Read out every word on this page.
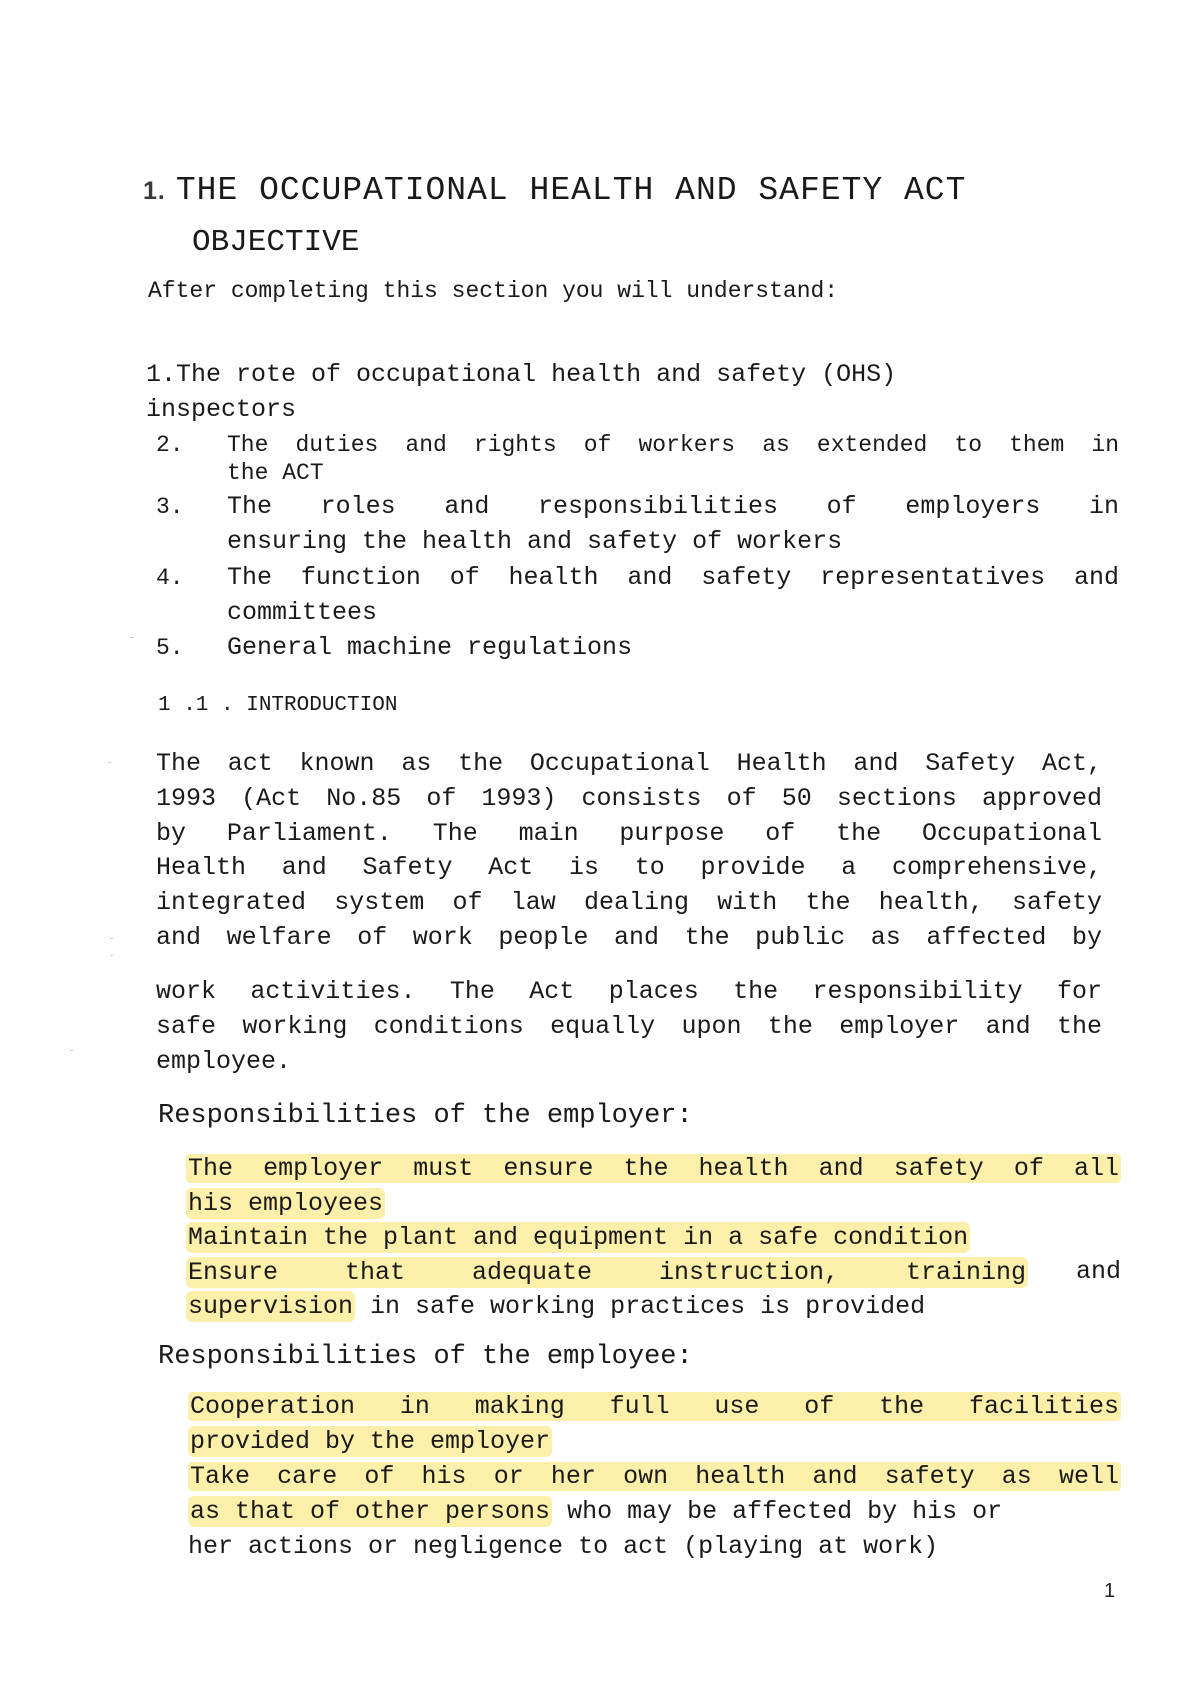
1. THE OCCUPATIONAL HEALTH AND SAFETY ACT
OBJECTIVE
After completing this section you will understand:
1.The rote of occupational health and safety (OHS)
inspectors
2. The duties and rights of workers as extended to them in
the ACT
3. The roles and responsibilities of employers in
ensuring the health and safety of workers
4. The function of health and safety representatives and
committees
5. General machine regulations
1 .1 . INTRODUCTION
The act known as the Occupational Health and Safety Act,
1993 (Act No.85 of 1993) consists of 50 sections approved
by Parliament. The main purpose of the Occupational
Health and Safety Act is to provide a comprehensive,
integrated system of law dealing with the health, safety
and welfare of work people and the public as affected by
work activities. The Act places the responsibility for
safe working conditions equally upon the employer and the
employee.
Responsibilities of the employer:
The employer must ensure the health and safety of all
his employees
Maintain the plant and equipment in a safe condition
Ensure that adequate instruction, training and
supervision in safe working practices is provided
Responsibilities of the employee:
Cooperation in making full use of the facilities
provided by the employer
Take care of his or her own health and safety as well
as that of other persons who may be affected by his or
her actions or negligence to act (playing at work)
1
